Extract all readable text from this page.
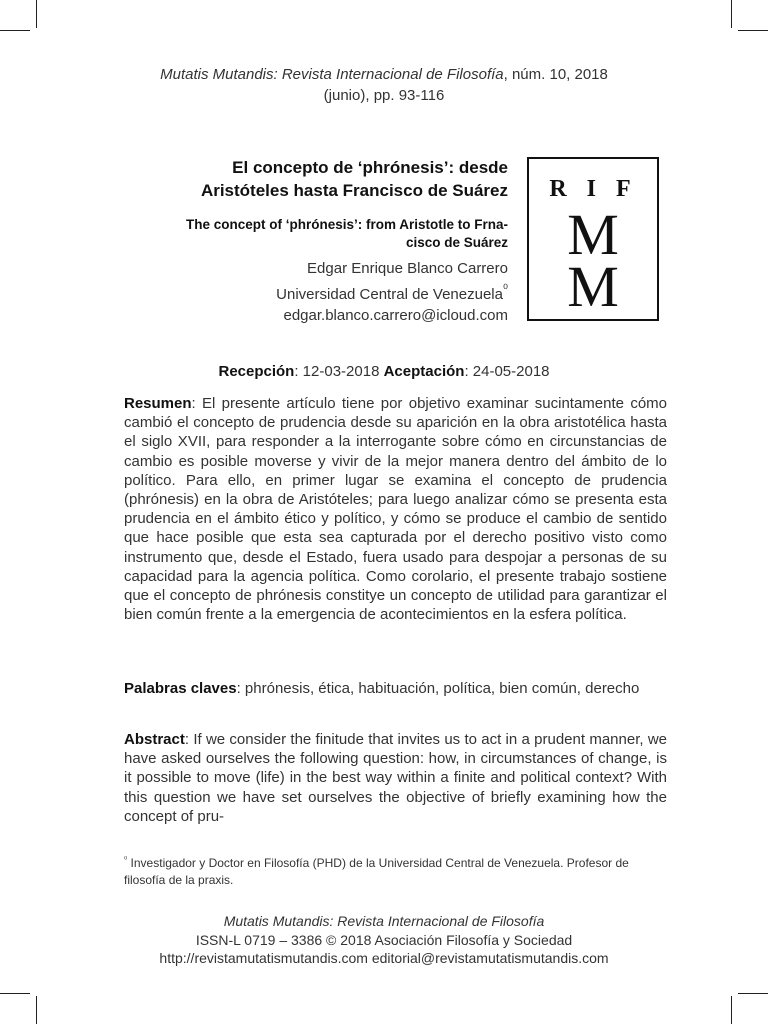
Mutatis Mutandis: Revista Internacional de Filosofía, núm. 10, 2018
(junio), pp. 93-116
El concepto de ‘phrónesis’: desde
Aristóteles hasta Francisco de Suárez
The concept of ‘phrónesis’: from Aristotle to Frna-
cisco de Suárez
Edgar Enrique Blanco Carrero
Universidad Central de Venezuela$^{^0}$
edgar.blanco.carrero@icloud.com
RIF
M
M
Recepción: 12-03-2018 Aceptación: 24-05-2018
Resumen: El presente artículo tiene por objetivo examinar sucintamente cómo cambió el concepto de prudencia desde su aparición en la obra aristotélica hasta el siglo XVII, para responder a la interrogante sobre cómo en circunstancias de cambio es posible moverse y vivir de la mejor manera dentro del ámbito de lo político. Para ello, en primer lugar se examina el concepto de prudencia (phrónesis) en la obra de Aristóteles; para luego analizar cómo se presenta esta prudencia en el ámbito ético y político, y cómo se produce el cambio de sentido que hace posible que esta sea capturada por el derecho positivo visto como instrumento que, desde el Estado, fuera usado para despojar a personas de su capacidad para la agencia política. Como corolario, el presente trabajo sostiene que el concepto de phrónesis constitye un concepto de utilidad para garantizar el bien común frente a la emergencia de acontecimientos en la esfera política.
Palabras claves: phrónesis, ética, habituación, política, bien común, derecho
Abstract: If we consider the finitude that invites us to act in a prudent manner, we have asked ourselves the following question: how, in circumstances of change, is it possible to move (life) in the best way within a finite and political context? With this question we have set ourselves the objective of briefly examining how the concept of pru-
$^{^0}$ Investigador y Doctor en Filosofía (PHD) de la Universidad Central de Venezuela. Profesor de filosofía de la praxis.
Mutatis Mutandis: Revista Internacional de Filosofía
ISSN-L 0719 – 3386 © 2018 Asociación Filosofía y Sociedad
http://revistamutatismutandis.com editorial@revistamutatismutandis.com
